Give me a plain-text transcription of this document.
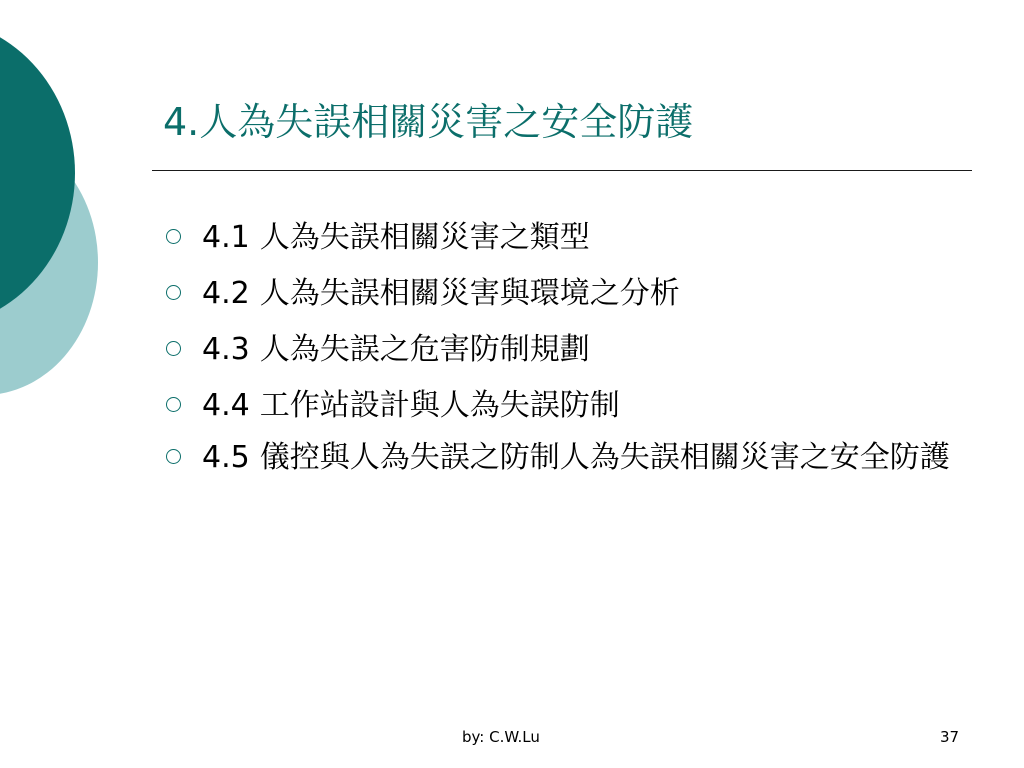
4.人為失誤相關災害之安全防護
4.1 人為失誤相關災害之類型
4.2 人為失誤相關災害與環境之分析
4.3 人為失誤之危害防制規劃
4.4 工作站設計與人為失誤防制
4.5 儀控與人為失誤之防制人為失誤相關災害之安全防護
by: C.W.Lu	37
